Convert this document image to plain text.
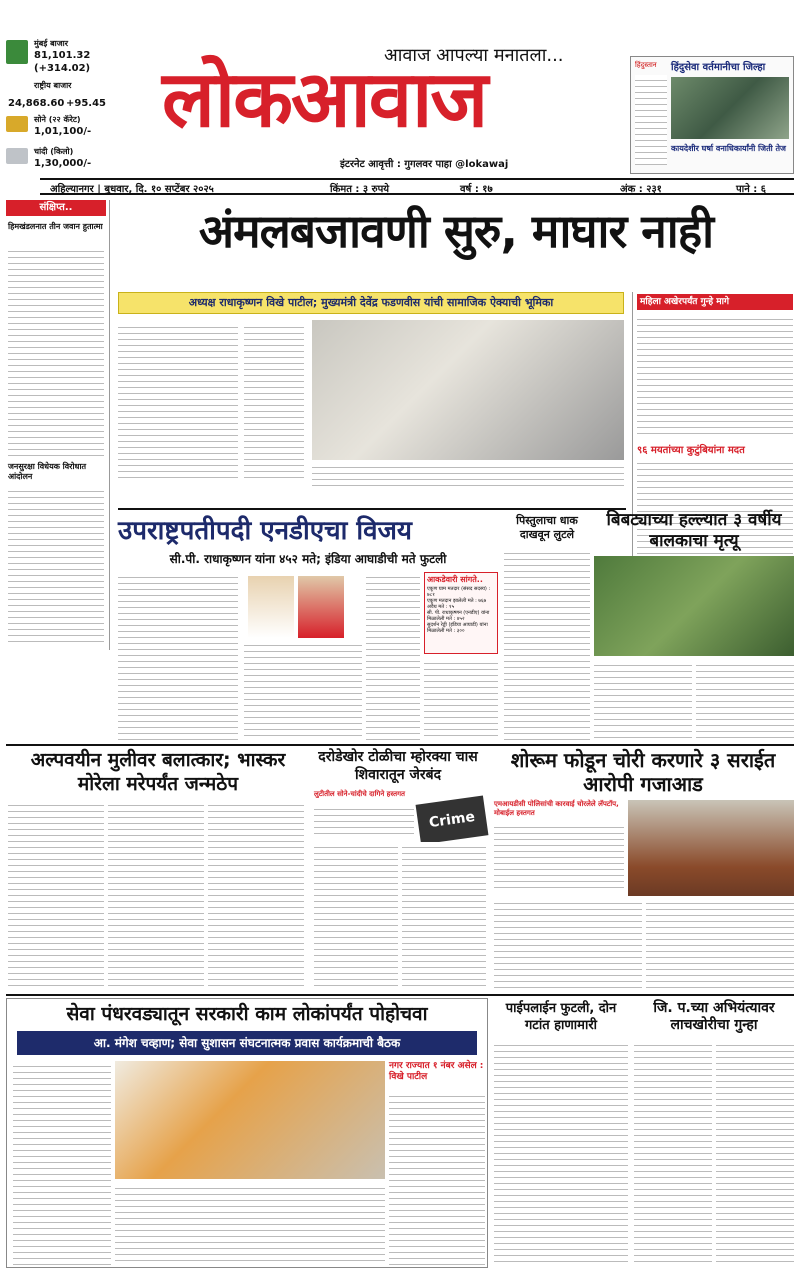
मुंबई बाजार
81,101.32
(+314.02)
राष्ट्रीय बाजार
24,868.60 +95.45
सोने (२२ कॅरेट)
1,01,100/-
चांदी (किलो)
1,30,000/-
आवाज आपल्या मनातला...
लोकआवाज
इंटरनेट आवृत्ती : गुगलवर पाहा @lokawaj
हिंदुस्तान हिंदुसेवा वर्तमानीचा जिल्हा
कायदेशीर घर्षा वनाधिकार्यांनी जिती तेज
अहिल्यानगर | बुधवार, दि. १० सप्टेंबर २०२५	किंमत : ३ रुपये	वर्ष : १७	अंक : २३१	पाने : ६
संक्षिप्त..
हिमखंडलनात तीन जवान हुतात्मा
जनसुरक्षा विधेयक विरोधात आंदोलन
अंमलबजावणी सुरु, माघार नाही
अध्यक्ष राधाकृष्णन विखे पाटील; मुख्यमंत्री देवेंद्र फडणवीस यांची सामाजिक ऐक्याची भूमिका	महिला अखेरपर्यंत गुन्हे मागे
९६ मयतांच्या कुटुंबियांना मदत
उपराष्ट्रपतीपदी एनडीएचा विजय
सी.पी. राधाकृष्णन यांना ४५२ मते; इंडिया आघाडीची मते फुटली
आकडेवारी सांगते..
एकूण घाम मतदार (संसद सदस्य) : ७८१
एकूण मतदान झालेली मते : ७६७
अवैध मते : १५
सी. पी. राधाकृष्णन (एनडीए) यांना मिळालेली मते : ४५२
सुदर्शन रेड्डी (इंडिया आघाडी) यांना मिळालेली मते : ३००
पिस्तुलाचा धाक दाखवून लुटले
बिबट्याच्या हल्ल्यात ३ वर्षीय बालकाचा मृत्यू
अल्पवयीन मुलीवर बलात्कार; भास्कर मोरेला मरेपर्यंत जन्मठेप
दरोडेखोर टोळीचा म्होरक्या चास शिवारातून जेरबंद
लुटीतील सोने-चांदीचे दागिने हस्तगत
Crime
शोरूम फोडून चोरी करणारे ३ सराईत आरोपी गजाआड
एमआयडीसी पोलिसांची कारवाई चोरलेले लॅपटॉप, मोबाईल हस्तगत
सेवा पंधरवड्यातून सरकारी काम लोकांपर्यंत पोहोचवा
आ. मंगेश चव्हाण; सेवा सुशासन संघटनात्मक प्रवास कार्यक्रमाची बैठक
नगर राज्यात १ नंबर असेल : विखे पाटील
पाईपलाईन फुटली, दोन गटांत हाणामारी
जि. प.च्या अभियंत्यावर लाचखोरीचा गुन्हा
